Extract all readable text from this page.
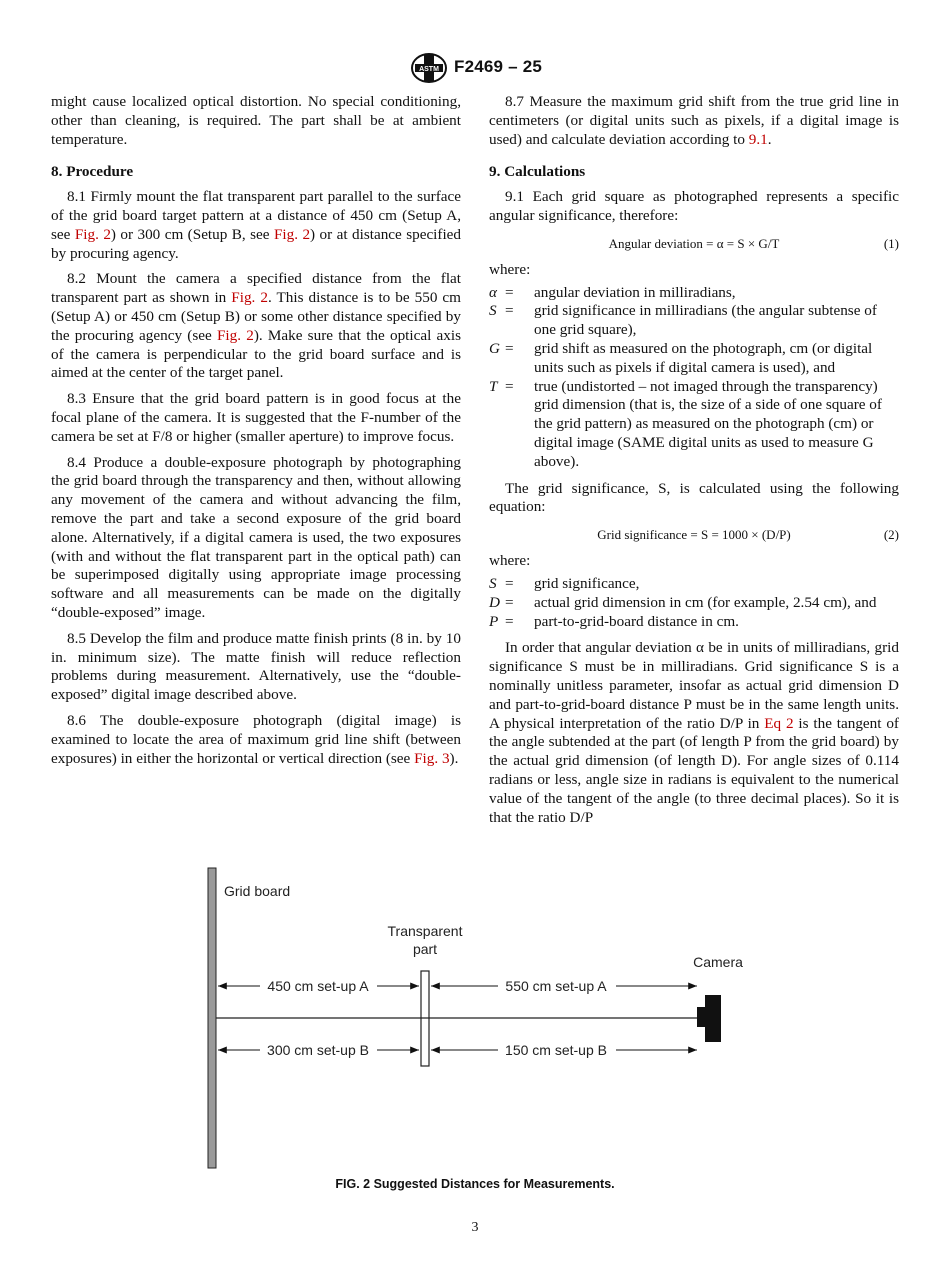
ASTM F2469 – 25

might cause localized optical distortion. No special conditioning, other than cleaning, is required. The part shall be at ambient temperature.

8. Procedure

8.1 Firmly mount the flat transparent part parallel to the surface of the grid board target pattern at a distance of 450 cm (Setup A, see Fig. 2) or 300 cm (Setup B, see Fig. 2) or at distance specified by procuring agency.

8.2 Mount the camera a specified distance from the flat transparent part as shown in Fig. 2. This distance is to be 550 cm (Setup A) or 450 cm (Setup B) or some other distance specified by the procuring agency (see Fig. 2). Make sure that the optical axis of the camera is perpendicular to the grid board surface and is aimed at the center of the target panel.

8.3 Ensure that the grid board pattern is in good focus at the focal plane of the camera. It is suggested that the F-number of the camera be set at F/8 or higher (smaller aperture) to improve focus.

8.4 Produce a double-exposure photograph by photographing the grid board through the transparency and then, without allowing any movement of the camera and without advancing the film, remove the part and take a second exposure of the grid board alone. Alternatively, if a digital camera is used, the two exposures (with and without the flat transparent part in the optical path) can be superimposed digitally using appropriate image processing software and all measurements can be made on the digitally “double-exposed” image.

8.5 Develop the film and produce matte finish prints (8 in. by 10 in. minimum size). The matte finish will reduce reflection problems during measurement. Alternatively, use the “double-exposed” digital image described above.

8.6 The double-exposure photograph (digital image) is examined to locate the area of maximum grid line shift (between exposures) in either the horizontal or vertical direction (see Fig. 3).

8.7 Measure the maximum grid shift from the true grid line in centimeters (or digital units such as pixels, if a digital image is used) and calculate deviation according to 9.1.

9. Calculations

9.1 Each grid square as photographed represents a specific angular significance, therefore:

Angular deviation = α = S × G/T	(1)
where:
α =	angular deviation in milliradians,
S =	grid significance in milliradians (the angular subtense of one grid square),
G =	grid shift as measured on the photograph, cm (or digital units such as pixels if digital camera is used), and
T =	true (undistorted – not imaged through the transparency) grid dimension (that is, the size of a side of one square of the grid pattern) as measured on the photograph (cm) or digital image (SAME digital units as used to measure G above).

The grid significance, S, is calculated using the following equation:

Grid significance = S = 1000 × (D/P)	(2)
where:
S =	grid significance,
D =	actual grid dimension in cm (for example, 2.54 cm), and
P =	part-to-grid-board distance in cm.

In order that angular deviation α be in units of milliradians, grid significance S must be in milliradians. Grid significance S is a nominally unitless parameter, insofar as actual grid dimension D and part-to-grid-board distance P must be in the same length units. A physical interpretation of the ratio D/P in Eq 2 is the tangent of the angle subtended at the part (of length P from the grid board) by the actual grid dimension (of length D). For angle sizes of 0.114 radians or less, angle size in radians is equivalent to the numerical value of the tangent of the angle (to three decimal places). So it is that the ratio D/P

Grid board
Transparent
part
Camera
450 cm set-up A	550 cm set-up A
300 cm set-up B	150 cm set-up B
FIG. 2 Suggested Distances for Measurements.
3
